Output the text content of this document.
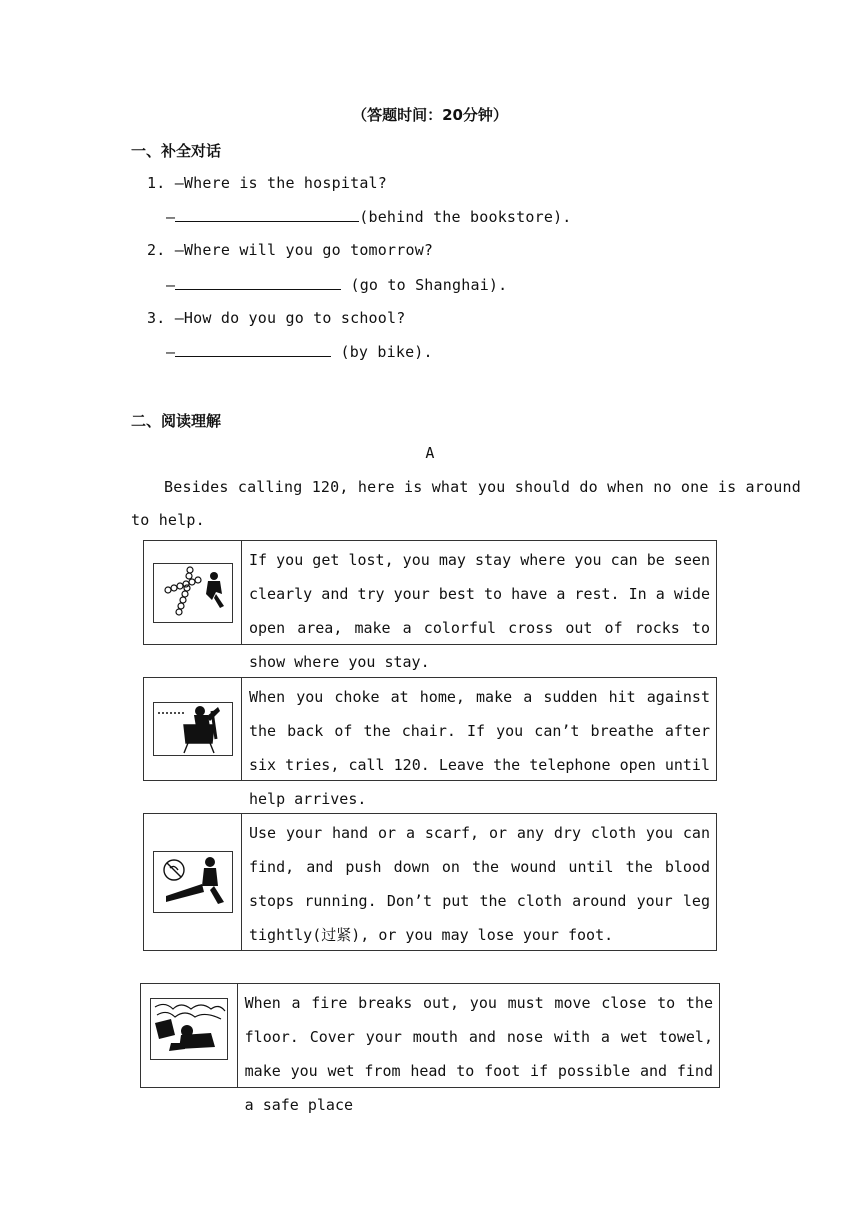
（答题时间：20分钟）
一、补全对话
1. —Where is the hospital?
—	(behind the bookstore).
2. —Where will you go tomorrow?
—	(go to Shanghai).
3. —How do you go to school?
—	(by bike).
二、阅读理解
A
Besides calling 120, here is what you should do when no one is around
to help.
If you get lost, you may stay where you can be seen clearly and try your best to have a rest. In a wide open area, make a colorful cross out of rocks to show where you stay.
When you choke at home, make a sudden hit against the back of the chair. If you can’t breathe after six tries, call 120. Leave the telephone open until help arrives.
Use your hand or a scarf, or any dry cloth you can find, and push down on the wound until the blood stops running. Don’t put the cloth around your leg tightly(过紧), or you may lose your foot.
When a fire breaks out, you must move close to the floor. Cover your mouth and nose with a wet towel, make you wet from head to foot if possible and find a safe place
